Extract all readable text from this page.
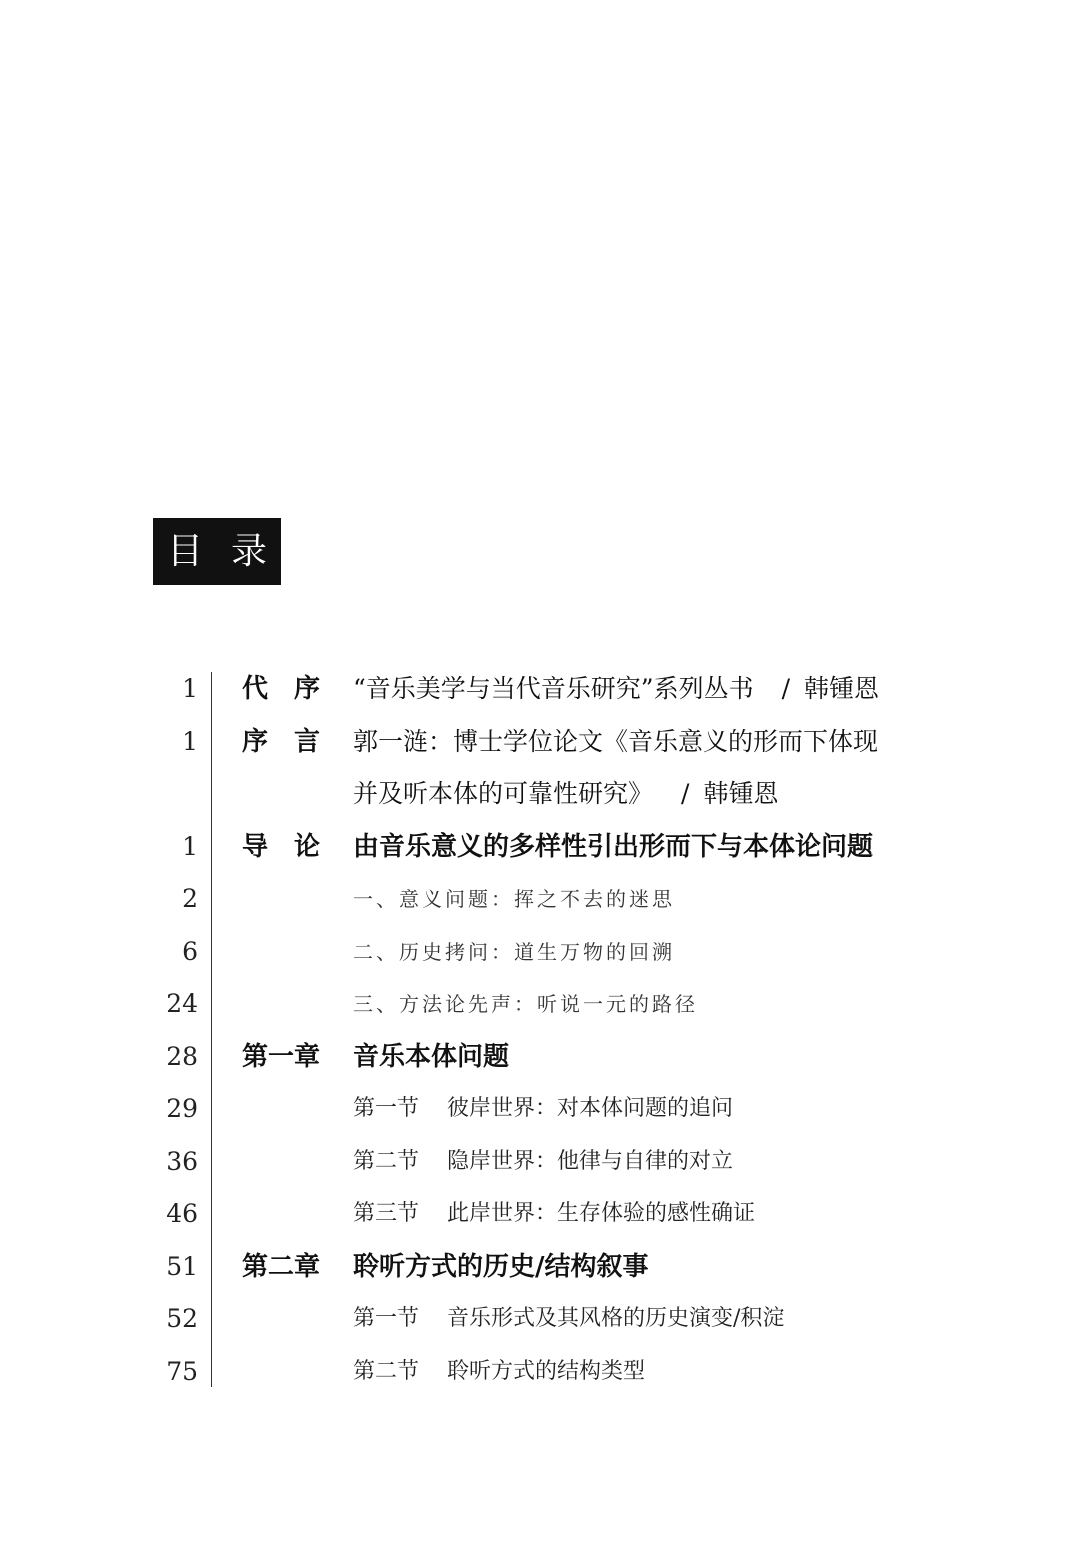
目 录
1 代 序 “音乐美学与当代音乐研究”系列丛书 / 韩锺恩
1 序 言 郭一涟：博士学位论文《音乐意义的形而下体现
并及听本体的可靠性研究》 / 韩锺恩
1 导 论 由音乐意义的多样性引出形而下与本体论问题
2	一、意义问题：挥之不去的迷思
6	二、历史拷问：道生万物的回溯
24	三、方法论先声：听说一元的路径
28 第一章 音乐本体问题
29	第一节 彼岸世界：对本体问题的追问
36	第二节 隐岸世界：他律与自律的对立
46	第三节 此岸世界：生存体验的感性确证
51 第二章 聆听方式的历史/结构叙事
52	第一节 音乐形式及其风格的历史演变/积淀
75	第二节 聆听方式的结构类型
